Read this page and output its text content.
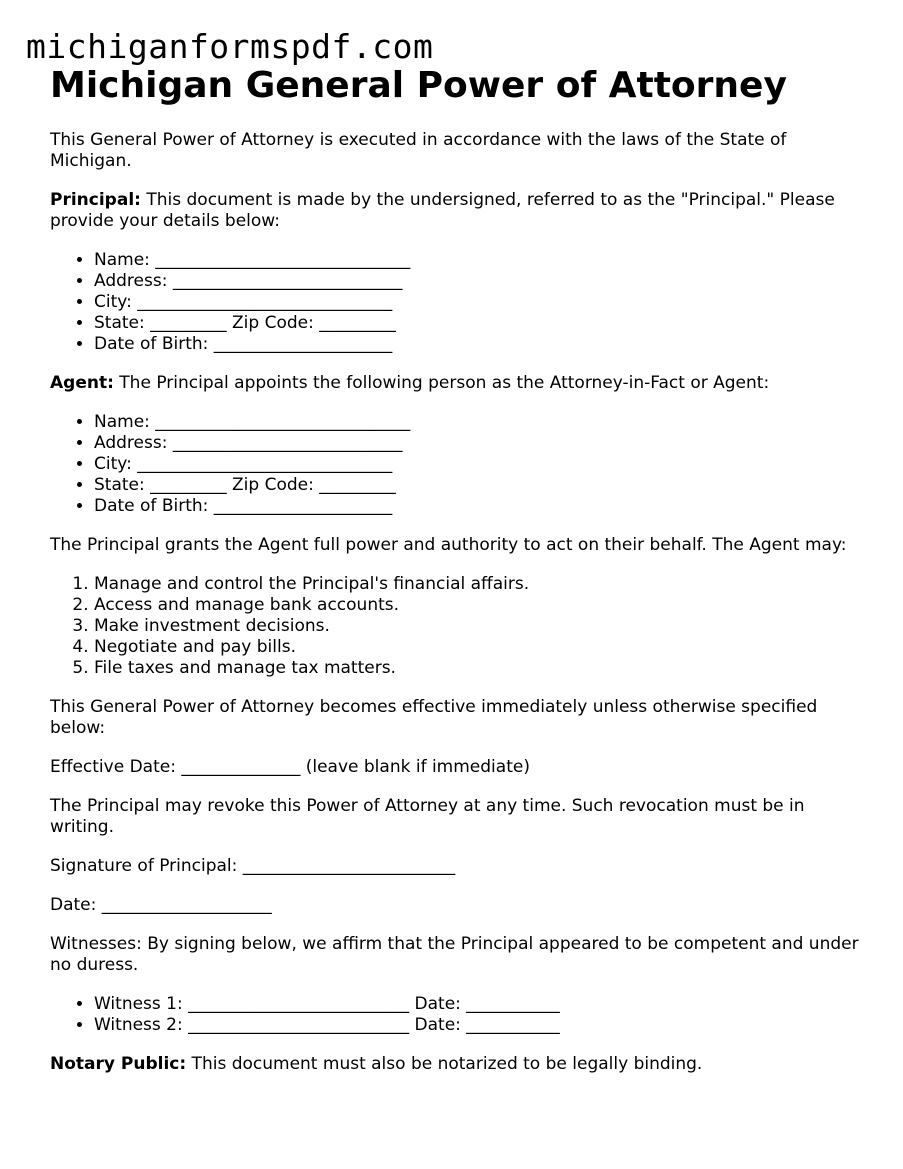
michiganformspdf.com
Michigan General Power of Attorney

This General Power of Attorney is executed in accordance with the laws of the State of Michigan.

Principal: This document is made by the undersigned, referred to as the "Principal." Please provide your details below:

• Name: ______________________________
• Address: ___________________________
• City: ______________________________
• State: _________ Zip Code: _________
• Date of Birth: _____________________

Agent: The Principal appoints the following person as the Attorney-in-Fact or Agent:

• Name: ______________________________
• Address: ___________________________
• City: ______________________________
• State: _________ Zip Code: _________
• Date of Birth: _____________________

The Principal grants the Agent full power and authority to act on their behalf. The Agent may:

1. Manage and control the Principal's financial affairs.
2. Access and manage bank accounts.
3. Make investment decisions.
4. Negotiate and pay bills.
5. File taxes and manage tax matters.

This General Power of Attorney becomes effective immediately unless otherwise specified below:

Effective Date: ______________ (leave blank if immediate)

The Principal may revoke this Power of Attorney at any time. Such revocation must be in writing.

Signature of Principal: _________________________

Date: ____________________

Witnesses: By signing below, we affirm that the Principal appeared to be competent and under no duress.

• Witness 1: __________________________ Date: ___________
• Witness 2: __________________________ Date: ___________

Notary Public: This document must also be notarized to be legally binding.
